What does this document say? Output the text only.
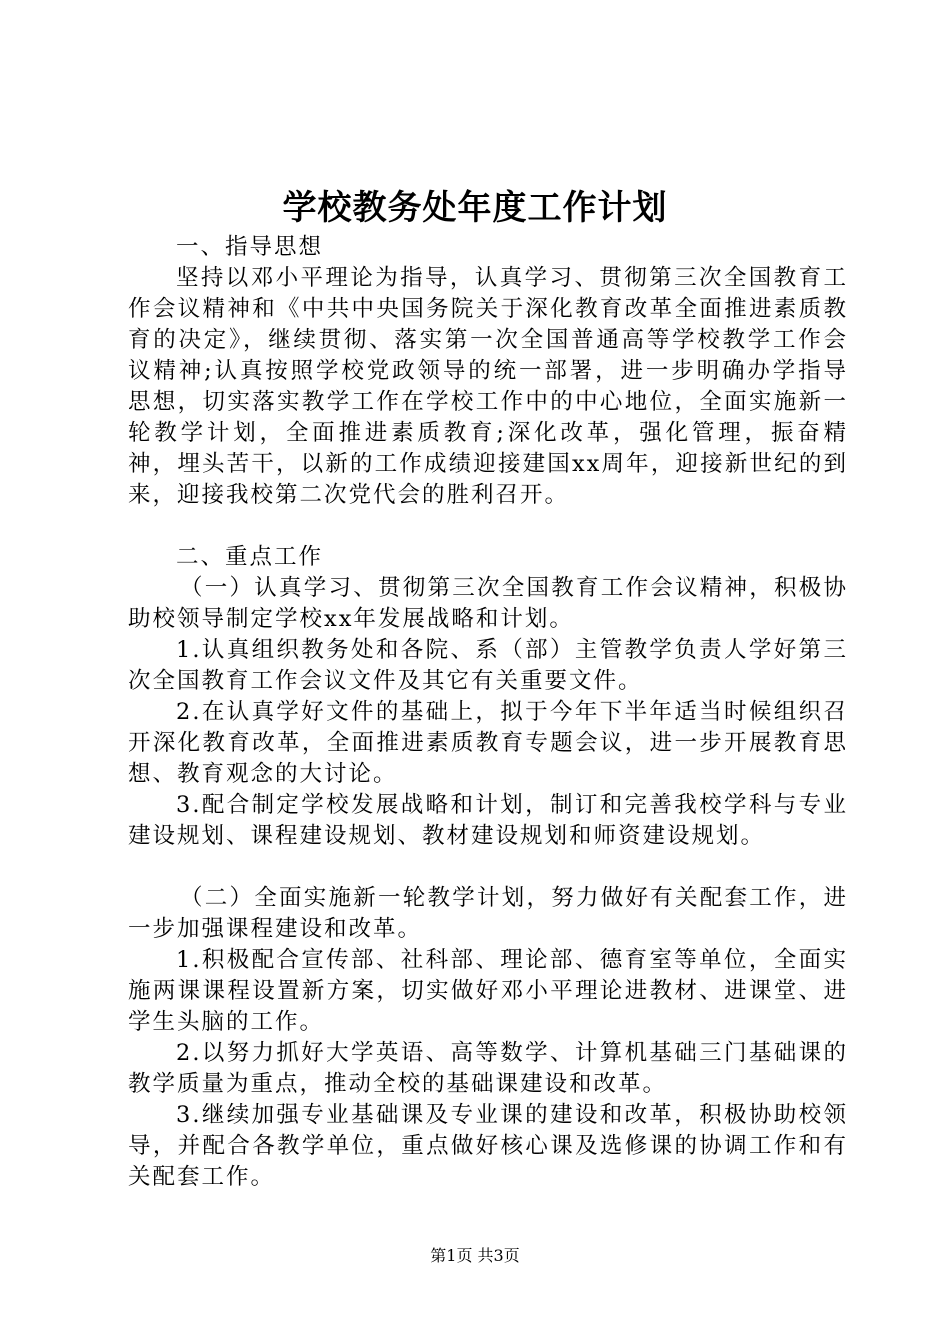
学校教务处年度工作计划

一、指导思想

坚持以邓小平理论为指导，认真学习、贯彻第三次全国教育工作会议精神和《中共中央国务院关于深化教育改革全面推进素质教育的决定》，继续贯彻、落实第一次全国普通高等学校教学工作会议精神;认真按照学校党政领导的统一部署，进一步明确办学指导思想，切实落实教学工作在学校工作中的中心地位，全面实施新一轮教学计划，全面推进素质教育;深化改革，强化管理，振奋精神，埋头苦干，以新的工作成绩迎接建国xx周年，迎接新世纪的到来，迎接我校第二次党代会的胜利召开。

二、重点工作

（一）认真学习、贯彻第三次全国教育工作会议精神，积极协助校领导制定学校xx年发展战略和计划。

1.认真组织教务处和各院、系（部）主管教学负责人学好第三次全国教育工作会议文件及其它有关重要文件。

2.在认真学好文件的基础上，拟于今年下半年适当时候组织召开深化教育改革，全面推进素质教育专题会议，进一步开展教育思想、教育观念的大讨论。

3.配合制定学校发展战略和计划，制订和完善我校学科与专业建设规划、课程建设规划、教材建设规划和师资建设规划。

（二）全面实施新一轮教学计划，努力做好有关配套工作，进一步加强课程建设和改革。

1.积极配合宣传部、社科部、理论部、德育室等单位，全面实施两课课程设置新方案，切实做好邓小平理论进教材、进课堂、进学生头脑的工作。

2.以努力抓好大学英语、高等数学、计算机基础三门基础课的教学质量为重点，推动全校的基础课建设和改革。

3.继续加强专业基础课及专业课的建设和改革，积极协助校领导，并配合各教学单位，重点做好核心课及选修课的协调工作和有关配套工作。

第1页 共3页
